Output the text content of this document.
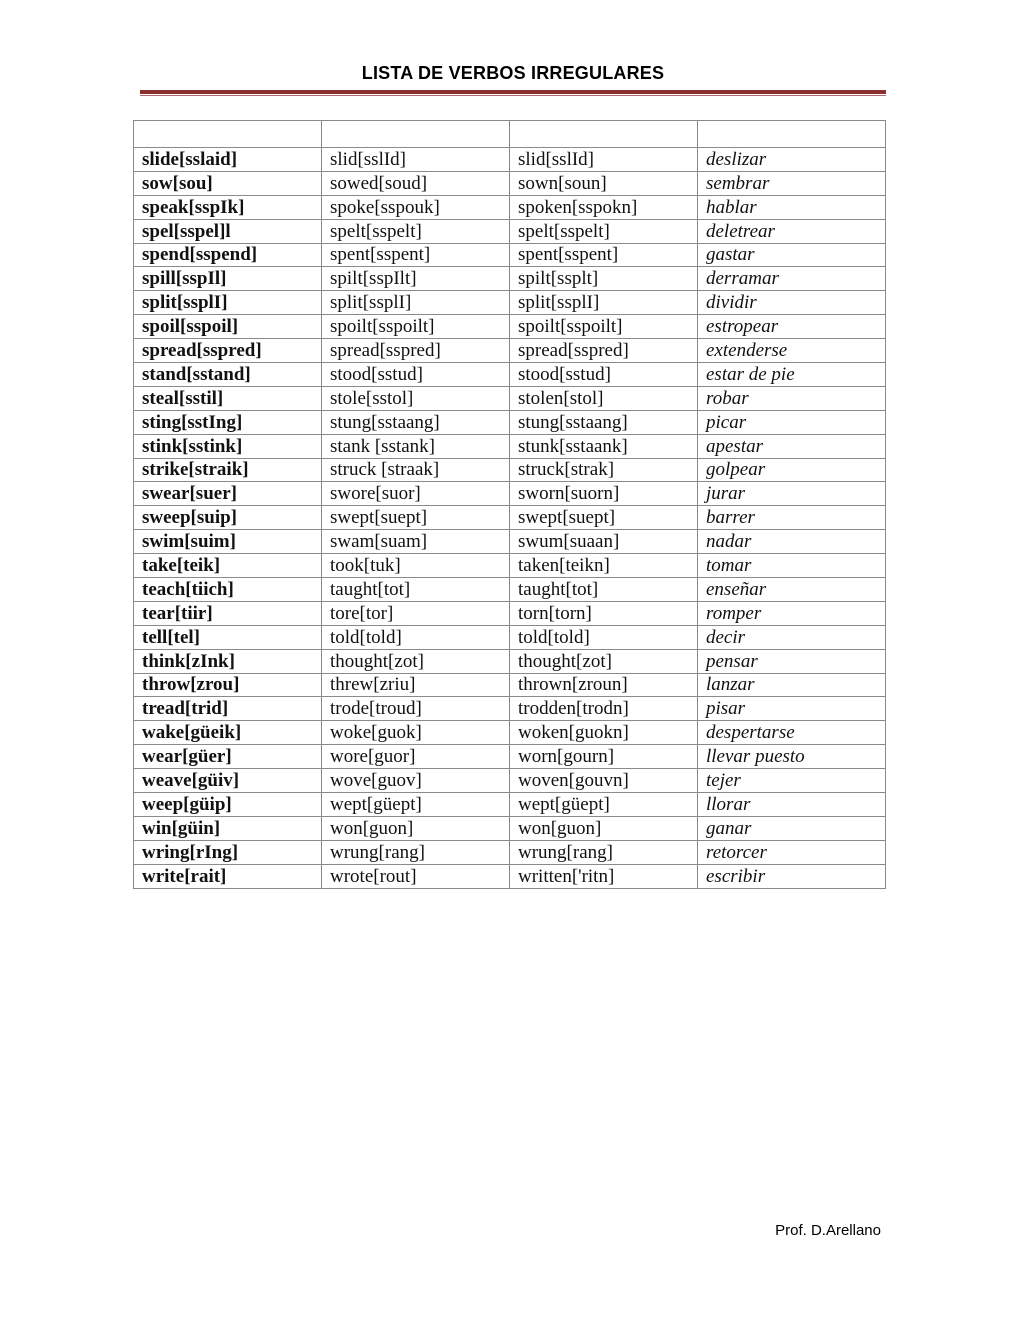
LISTA DE VERBOS IRREGULARES

slide[sslaid]	slid[sslId]	slid[sslId]	deslizar
sow[sou]	sowed[soud]	sown[soun]	sembrar
speak[sspIk]	spoke[sspouk]	spoken[sspokn]	hablar
spel[sspel]l	spelt[sspelt]	spelt[sspelt]	deletrear
spend[sspend]	spent[sspent]	spent[sspent]	gastar
spill[sspIl]	spilt[sspIlt]	spilt[ssplt]	derramar
split[ssplI]	split[ssplI]	split[ssplI]	dividir
spoil[sspoil]	spoilt[sspoilt]	spoilt[sspoilt]	estropear
spread[sspred]	spread[sspred]	spread[sspred]	extenderse
stand[sstand]	stood[sstud]	stood[sstud]	estar de pie
steal[sstil]	stole[sstol]	stolen[stol]	robar
sting[sstIng]	stung[sstaang]	stung[sstaang]	picar
stink[sstink]	stank [sstank]	stunk[sstaank]	apestar
strike[straik]	struck [straak]	struck[strak]	golpear
swear[suer]	swore[suor]	sworn[suorn]	jurar
sweep[suip]	swept[suept]	swept[suept]	barrer
swim[suim]	swam[suam]	swum[suaan]	nadar
take[teik]	took[tuk]	taken[teikn]	tomar
teach[tiich]	taught[tot]	taught[tot]	enseñar
tear[tiir]	tore[tor]	torn[torn]	romper
tell[tel]	told[told]	told[told]	decir
think[zInk]	thought[zot]	thought[zot]	pensar
throw[zrou]	threw[zriu]	thrown[zroun]	lanzar
tread[trid]	trode[troud]	trodden[trodn]	pisar
wake[güeik]	woke[guok]	woken[guokn]	despertarse
wear[güer]	wore[guor]	worn[gourn]	llevar puesto
weave[güiv]	wove[guov]	woven[gouvn]	tejer
weep[güip]	wept[güept]	wept[güept]	llorar
win[güin]	won[guon]	won[guon]	ganar
wring[rIng]	wrung[rang]	wrung[rang]	retorcer
write[rait]	wrote[rout]	written['ritn]	escribir
Prof. D.Arellano
